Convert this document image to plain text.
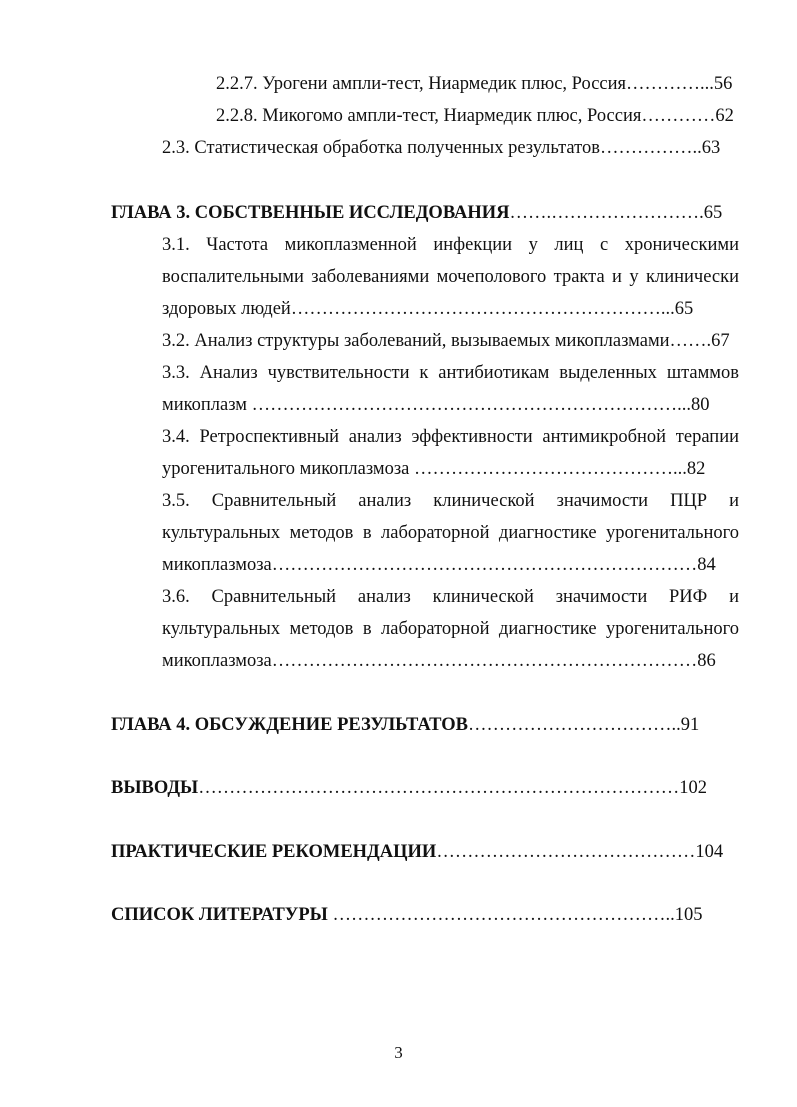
2.2.7. Урогени ампли-тест, Ниармедик плюс, Россия…………...56
2.2.8. Микогомо ампли-тест, Ниармедик плюс, Россия…………62
2.3. Статистическая обработка полученных результатов……………..63
ГЛАВА 3. СОБСТВЕННЫЕ ИССЛЕДОВАНИЯ…….…………………….65
3.1. Частота микоплазменной инфекции у лиц с хроническими
воспалительными заболеваниями мочеполового тракта и у клинически
здоровых людей……………………………………………………...65
3.2. Анализ структуры заболеваний, вызываемых микоплазмами…….67
3.3. Анализ чувствительности к антибиотикам выделенных штаммов
микоплазм ……………………………………………………………...80
3.4. Ретроспективный анализ эффективности антимикробной терапии
урогенитального микоплазмоза ……………………………………...82
3.5. Сравнительный анализ клинической значимости ПЦР и
культуральных методов в лабораторной диагностике урогенитального
микоплазмоза……………………………………………………………84
3.6. Сравнительный анализ клинической значимости РИФ и
культуральных методов в лабораторной диагностике урогенитального
микоплазмоза……………………………………………………………86
ГЛАВА 4. ОБСУЖДЕНИЕ РЕЗУЛЬТАТОВ……………………………..91
ВЫВОДЫ……………………………………………………………………102
ПРАКТИЧЕСКИЕ РЕКОМЕНДАЦИИ……………………………………104
СПИСОК ЛИТЕРАТУРЫ ………………………………………………..105
3
